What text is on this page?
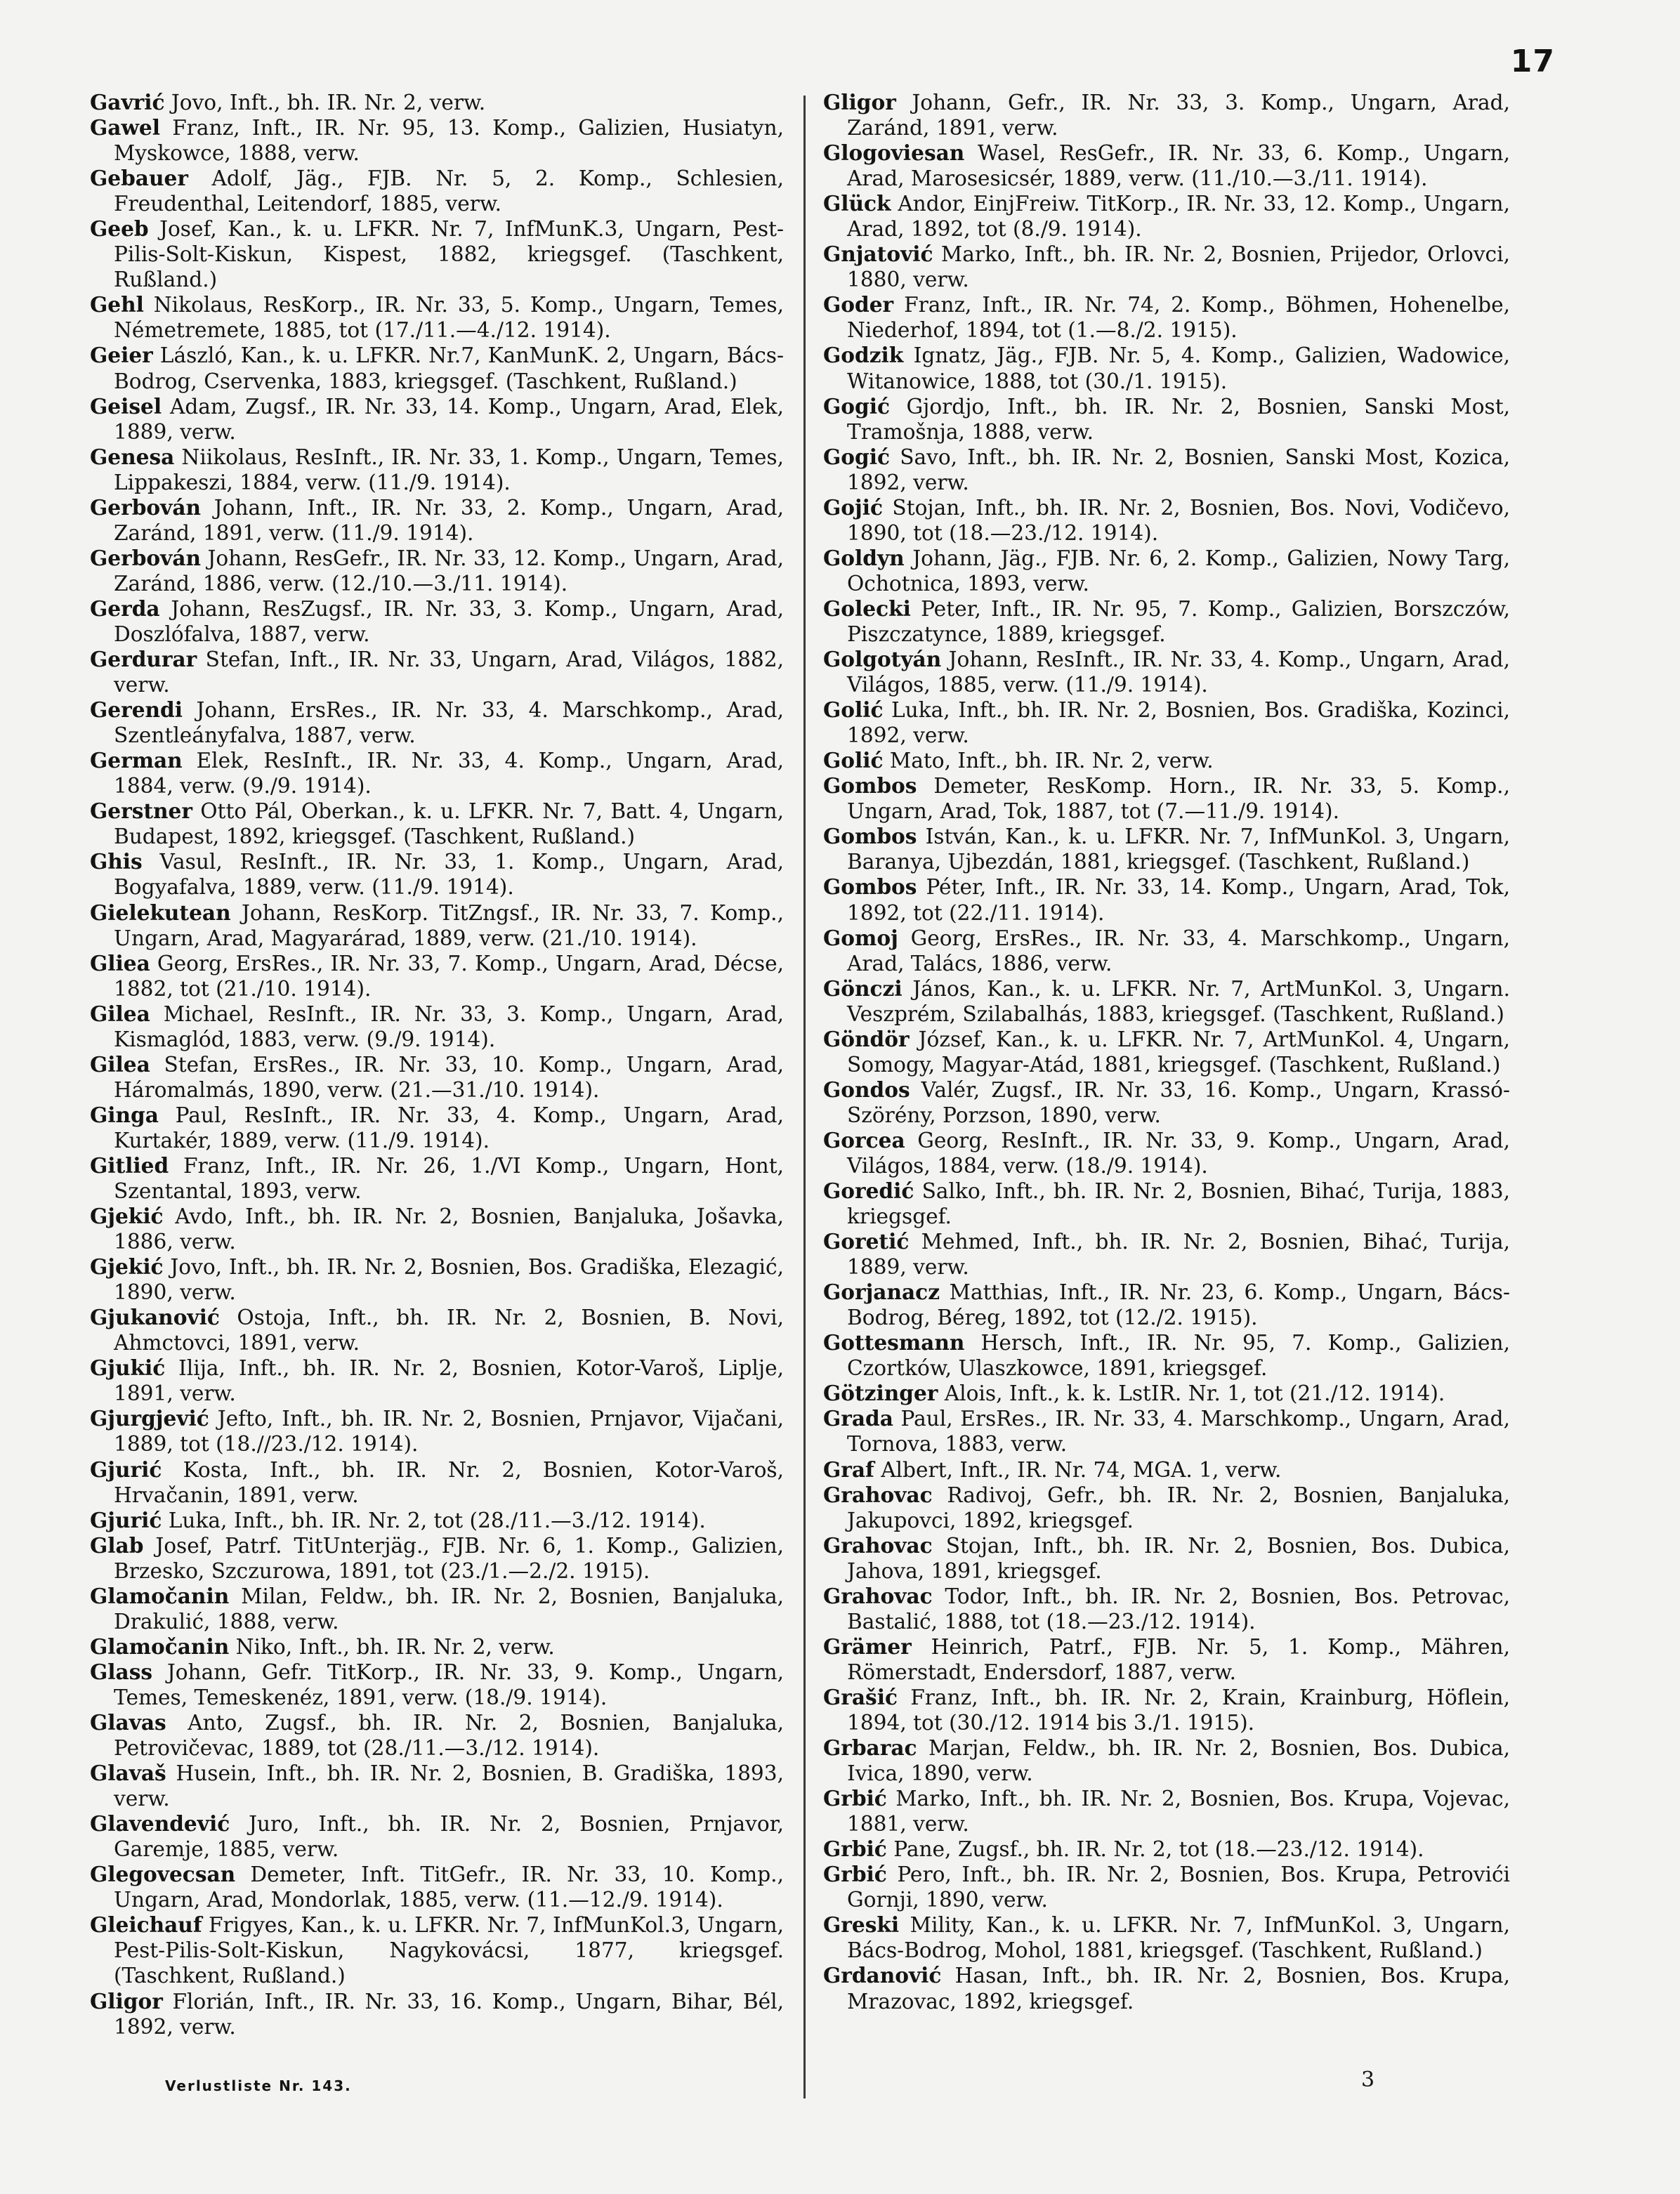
17

Gavrić Jovo, Inft., bh. IR. Nr. 2, verw.

Gawel Franz, Inft., IR. Nr. 95, 13. Komp., Galizien, Husiatyn, Myskowce, 1888, verw.

Gebauer Adolf, Jäg., FJB. Nr. 5, 2. Komp., Schlesien, Freudenthal, Leitendorf, 1885, verw.

Geeb Josef, Kan., k. u. LFKR. Nr. 7, InfMunK.3, Ungarn, Pest-Pilis-Solt-Kiskun, Kispest, 1882, kriegsgef. (Taschkent, Rußland.)

Gehl Nikolaus, ResKorp., IR. Nr. 33, 5. Komp., Ungarn, Temes, Németremete, 1885, tot (17./11.—4./12. 1914).

Geier László, Kan., k. u. LFKR. Nr.7, KanMunK. 2, Ungarn, Bács-Bodrog, Cservenka, 1883, kriegsgef. (Taschkent, Rußland.)

Geisel Adam, Zugsf., IR. Nr. 33, 14. Komp., Ungarn, Arad, Elek, 1889, verw.

Genesa Niikolaus, ResInft., IR. Nr. 33, 1. Komp., Ungarn, Temes, Lippakeszi, 1884, verw. (11./9. 1914).

Gerbován Johann, Inft., IR. Nr. 33, 2. Komp., Ungarn, Arad, Zaránd, 1891, verw. (11./9. 1914).

Gerbován Johann, ResGefr., IR. Nr. 33, 12. Komp., Ungarn, Arad, Zaránd, 1886, verw. (12./10.—3./11. 1914).

Gerda Johann, ResZugsf., IR. Nr. 33, 3. Komp., Ungarn, Arad, Doszlófalva, 1887, verw.

Gerdurar Stefan, Inft., IR. Nr. 33, Ungarn, Arad, Világos, 1882, verw.

Gerendi Johann, ErsRes., IR. Nr. 33, 4. Marschkomp., Arad, Szentleányfalva, 1887, verw.

German Elek, ResInft., IR. Nr. 33, 4. Komp., Ungarn, Arad, 1884, verw. (9./9. 1914).

Gerstner Otto Pál, Oberkan., k. u. LFKR. Nr. 7, Batt. 4, Ungarn, Budapest, 1892, kriegsgef. (Taschkent, Rußland.)

Ghis Vasul, ResInft., IR. Nr. 33, 1. Komp., Ungarn, Arad, Bogyafalva, 1889, verw. (11./9. 1914).

Gielekutean Johann, ResKorp. TitZngsf., IR. Nr. 33, 7. Komp., Ungarn, Arad, Magyarárad, 1889, verw. (21./10. 1914).

Gliea Georg, ErsRes., IR. Nr. 33, 7. Komp., Ungarn, Arad, Décse, 1882, tot (21./10. 1914).

Gilea Michael, ResInft., IR. Nr. 33, 3. Komp., Ungarn, Arad, Kismaglód, 1883, verw. (9./9. 1914).

Gilea Stefan, ErsRes., IR. Nr. 33, 10. Komp., Ungarn, Arad, Háromalmás, 1890, verw. (21.—31./10. 1914).

Ginga Paul, ResInft., IR. Nr. 33, 4. Komp., Ungarn, Arad, Kurtakér, 1889, verw. (11./9. 1914).

Gitlied Franz, Inft., IR. Nr. 26, 1./VI Komp., Ungarn, Hont, Szentantal, 1893, verw.

Gjekić Avdo, Inft., bh. IR. Nr. 2, Bosnien, Banjaluka, Jošavka, 1886, verw.

Gjekić Jovo, Inft., bh. IR. Nr. 2, Bosnien, Bos. Gradiška, Elezagić, 1890, verw.

Gjukanović Ostoja, Inft., bh. IR. Nr. 2, Bosnien, B. Novi, Ahmctovci, 1891, verw.

Gjukić Ilija, Inft., bh. IR. Nr. 2, Bosnien, Kotor-Varoš, Liplje, 1891, verw.

Gjurgjević Jefto, Inft., bh. IR. Nr. 2, Bosnien, Prnjavor, Vijačani, 1889, tot (18.//23./12. 1914).

Gjurić Kosta, Inft., bh. IR. Nr. 2, Bosnien, Kotor-Varoš, Hrvačanin, 1891, verw.

Gjurić Luka, Inft., bh. IR. Nr. 2, tot (28./11.—3./12. 1914).

Glab Josef, Patrf. TitUnterjäg., FJB. Nr. 6, 1. Komp., Galizien, Brzesko, Szczurowa, 1891, tot (23./1.—2./2. 1915).

Glamočanin Milan, Feldw., bh. IR. Nr. 2, Bosnien, Banjaluka, Drakulić, 1888, verw.

Glamočanin Niko, Inft., bh. IR. Nr. 2, verw.

Glass Johann, Gefr. TitKorp., IR. Nr. 33, 9. Komp., Ungarn, Temes, Temeskenéz, 1891, verw. (18./9. 1914).

Glavas Anto, Zugsf., bh. IR. Nr. 2, Bosnien, Banjaluka, Petrovičevac, 1889, tot (28./11.—3./12. 1914).

Glavaš Husein, Inft., bh. IR. Nr. 2, Bosnien, B. Gradiška, 1893, verw.

Glavendević Juro, Inft., bh. IR. Nr. 2, Bosnien, Prnjavor, Garemje, 1885, verw.

Glegovecsan Demeter, Inft. TitGefr., IR. Nr. 33, 10. Komp., Ungarn, Arad, Mondorlak, 1885, verw. (11.—12./9. 1914).

Gleichauf Frigyes, Kan., k. u. LFKR. Nr. 7, InfMunKol.3, Ungarn, Pest-Pilis-Solt-Kiskun, Nagykovácsi, 1877, kriegsgef. (Taschkent, Rußland.)

Gligor Florián, Inft., IR. Nr. 33, 16. Komp., Ungarn, Bihar, Bél, 1892, verw.

Gligor Johann, Gefr., IR. Nr. 33, 3. Komp., Ungarn, Arad, Zaránd, 1891, verw.

Glogoviesan Wasel, ResGefr., IR. Nr. 33, 6. Komp., Ungarn, Arad, Marosesicsér, 1889, verw. (11./10.—3./11. 1914).

Glück Andor, EinjFreiw. TitKorp., IR. Nr. 33, 12. Komp., Ungarn, Arad, 1892, tot (8./9. 1914).

Gnjatović Marko, Inft., bh. IR. Nr. 2, Bosnien, Prijedor, Orlovci, 1880, verw.

Goder Franz, Inft., IR. Nr. 74, 2. Komp., Böhmen, Hohenelbe, Niederhof, 1894, tot (1.—8./2. 1915).

Godzik Ignatz, Jäg., FJB. Nr. 5, 4. Komp., Galizien, Wadowice, Witanowice, 1888, tot (30./1. 1915).

Gogić Gjordjo, Inft., bh. IR. Nr. 2, Bosnien, Sanski Most, Tramošnja, 1888, verw.

Gogić Savo, Inft., bh. IR. Nr. 2, Bosnien, Sanski Most, Kozica, 1892, verw.

Gojić Stojan, Inft., bh. IR. Nr. 2, Bosnien, Bos. Novi, Vodičevo, 1890, tot (18.—23./12. 1914).

Goldyn Johann, Jäg., FJB. Nr. 6, 2. Komp., Galizien, Nowy Targ, Ochotnica, 1893, verw.

Golecki Peter, Inft., IR. Nr. 95, 7. Komp., Galizien, Borszczów, Piszczatynce, 1889, kriegsgef.

Golgotyán Johann, ResInft., IR. Nr. 33, 4. Komp., Ungarn, Arad, Világos, 1885, verw. (11./9. 1914).

Golić Luka, Inft., bh. IR. Nr. 2, Bosnien, Bos. Gradiška, Kozinci, 1892, verw.

Golić Mato, Inft., bh. IR. Nr. 2, verw.

Gombos Demeter, ResKomp. Horn., IR. Nr. 33, 5. Komp., Ungarn, Arad, Tok, 1887, tot (7.—11./9. 1914).

Gombos István, Kan., k. u. LFKR. Nr. 7, InfMunKol. 3, Ungarn, Baranya, Ujbezdán, 1881, kriegsgef. (Taschkent, Rußland.)

Gombos Péter, Inft., IR. Nr. 33, 14. Komp., Ungarn, Arad, Tok, 1892, tot (22./11. 1914).

Gomoj Georg, ErsRes., IR. Nr. 33, 4. Marschkomp., Ungarn, Arad, Talács, 1886, verw.

Gönczi János, Kan., k. u. LFKR. Nr. 7, ArtMunKol. 3, Ungarn. Veszprém, Szilabalhás, 1883, kriegsgef. (Taschkent, Rußland.)

Göndör József, Kan., k. u. LFKR. Nr. 7, ArtMunKol. 4, Ungarn, Somogy, Magyar-Atád, 1881, kriegsgef. (Taschkent, Rußland.)

Gondos Valér, Zugsf., IR. Nr. 33, 16. Komp., Ungarn, Krassó-Szörény, Porzson, 1890, verw.

Gorcea Georg, ResInft., IR. Nr. 33, 9. Komp., Ungarn, Arad, Világos, 1884, verw. (18./9. 1914).

Goredić Salko, Inft., bh. IR. Nr. 2, Bosnien, Bihać, Turija, 1883, kriegsgef.

Goretić Mehmed, Inft., bh. IR. Nr. 2, Bosnien, Bihać, Turija, 1889, verw.

Gorjanacz Matthias, Inft., IR. Nr. 23, 6. Komp., Ungarn, Bács-Bodrog, Béreg, 1892, tot (12./2. 1915).

Gottesmann Hersch, Inft., IR. Nr. 95, 7. Komp., Galizien, Czortków, Ulaszkowce, 1891, kriegsgef.

Götzinger Alois, Inft., k. k. LstIR. Nr. 1, tot (21./12. 1914).

Grada Paul, ErsRes., IR. Nr. 33, 4. Marschkomp., Ungarn, Arad, Tornova, 1883, verw.

Graf Albert, Inft., IR. Nr. 74, MGA. 1, verw.

Grahovac Radivoj, Gefr., bh. IR. Nr. 2, Bosnien, Banjaluka, Jakupovci, 1892, kriegsgef.

Grahovac Stojan, Inft., bh. IR. Nr. 2, Bosnien, Bos. Dubica, Jahova, 1891, kriegsgef.

Grahovac Todor, Inft., bh. IR. Nr. 2, Bosnien, Bos. Petrovac, Bastalić, 1888, tot (18.—23./12. 1914).

Grämer Heinrich, Patrf., FJB. Nr. 5, 1. Komp., Mähren, Römerstadt, Endersdorf, 1887, verw.

Grašić Franz, Inft., bh. IR. Nr. 2, Krain, Krainburg, Höflein, 1894, tot (30./12. 1914 bis 3./1. 1915).

Grbarac Marjan, Feldw., bh. IR. Nr. 2, Bosnien, Bos. Dubica, Ivica, 1890, verw.

Grbić Marko, Inft., bh. IR. Nr. 2, Bosnien, Bos. Krupa, Vojevac, 1881, verw.

Grbić Pane, Zugsf., bh. IR. Nr. 2, tot (18.—23./12. 1914).

Grbić Pero, Inft., bh. IR. Nr. 2, Bosnien, Bos. Krupa, Petrovići Gornji, 1890, verw.

Greski Mility, Kan., k. u. LFKR. Nr. 7, InfMunKol. 3, Ungarn, Bács-Bodrog, Mohol, 1881, kriegsgef. (Taschkent, Rußland.)

Grdanović Hasan, Inft., bh. IR. Nr. 2, Bosnien, Bos. Krupa, Mrazovac, 1892, kriegsgef.

Verlustliste Nr. 143.	3
